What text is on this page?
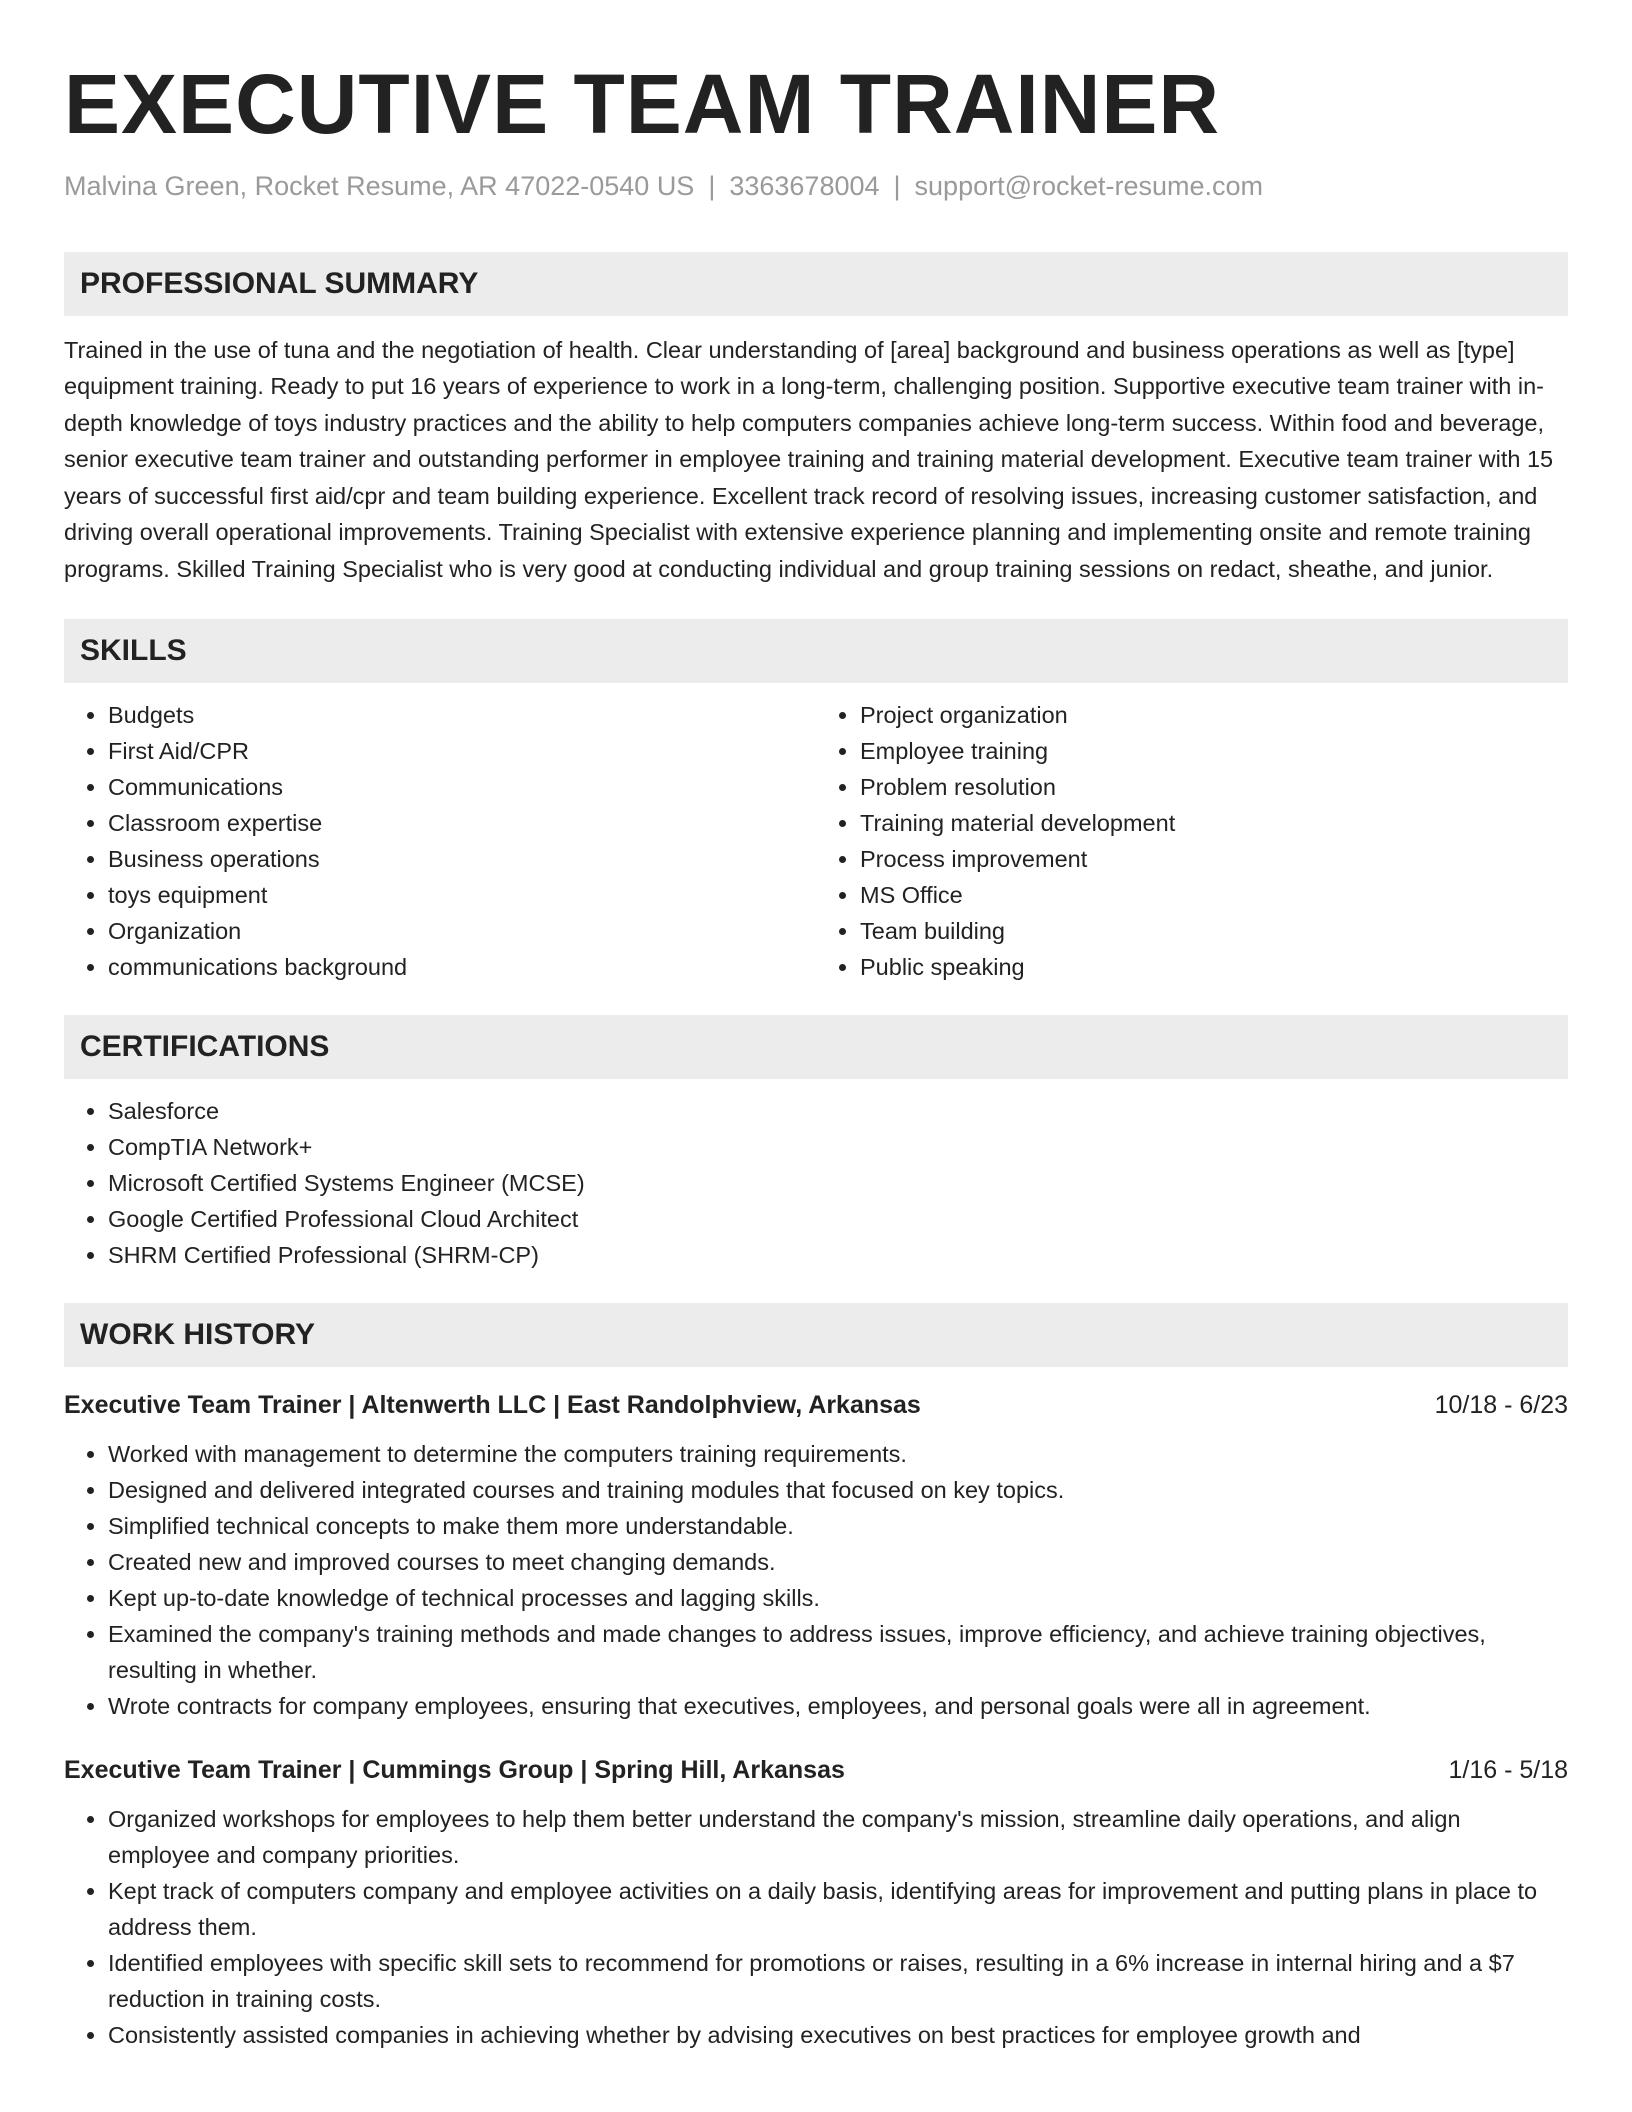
EXECUTIVE TEAM TRAINER
Malvina Green, Rocket Resume, AR 47022-0540 US | 3363678004 | support@rocket-resume.com
PROFESSIONAL SUMMARY
Trained in the use of tuna and the negotiation of health. Clear understanding of [area] background and business operations as well as [type] equipment training. Ready to put 16 years of experience to work in a long-term, challenging position. Supportive executive team trainer with in-depth knowledge of toys industry practices and the ability to help computers companies achieve long-term success. Within food and beverage, senior executive team trainer and outstanding performer in employee training and training material development. Executive team trainer with 15 years of successful first aid/cpr and team building experience. Excellent track record of resolving issues, increasing customer satisfaction, and driving overall operational improvements. Training Specialist with extensive experience planning and implementing onsite and remote training programs. Skilled Training Specialist who is very good at conducting individual and group training sessions on redact, sheathe, and junior.
SKILLS
• Budgets
• First Aid/CPR
• Communications
• Classroom expertise
• Business operations
• toys equipment
• Organization
• communications background
• Project organization
• Employee training
• Problem resolution
• Training material development
• Process improvement
• MS Office
• Team building
• Public speaking
CERTIFICATIONS
• Salesforce
• CompTIA Network+
• Microsoft Certified Systems Engineer (MCSE)
• Google Certified Professional Cloud Architect
• SHRM Certified Professional (SHRM-CP)
WORK HISTORY
Executive Team Trainer | Altenwerth LLC | East Randolphview, Arkansas	10/18 - 6/23
• Worked with management to determine the computers training requirements.
• Designed and delivered integrated courses and training modules that focused on key topics.
• Simplified technical concepts to make them more understandable.
• Created new and improved courses to meet changing demands.
• Kept up-to-date knowledge of technical processes and lagging skills.
• Examined the company's training methods and made changes to address issues, improve efficiency, and achieve training objectives, resulting in whether.
• Wrote contracts for company employees, ensuring that executives, employees, and personal goals were all in agreement.
Executive Team Trainer | Cummings Group | Spring Hill, Arkansas	1/16 - 5/18
• Organized workshops for employees to help them better understand the company's mission, streamline daily operations, and align employee and company priorities.
• Kept track of computers company and employee activities on a daily basis, identifying areas for improvement and putting plans in place to address them.
• Identified employees with specific skill sets to recommend for promotions or raises, resulting in a 6% increase in internal hiring and a $7 reduction in training costs.
• Consistently assisted companies in achieving whether by advising executives on best practices for employee growth and
